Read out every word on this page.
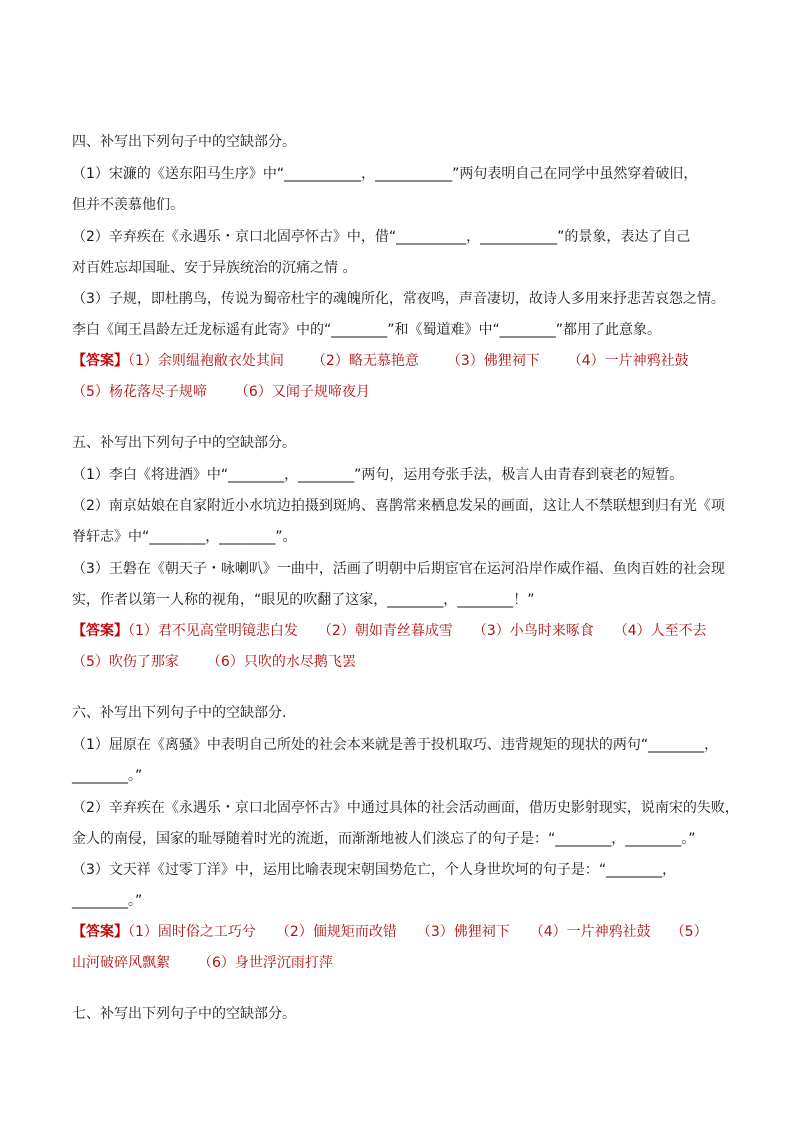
四、补写出下列句子中的空缺部分。
（1）宋濂的《送东阳马生序》中“___________，___________”两句表明自己在同学中虽然穿着破旧，
但并不羡慕他们。
（2）辛弃疾在《永遇乐・京口北固亭怀古》中，借“__________，___________”的景象，表达了自己
对百姓忘却国耻、安于异族统治的沉痛之情 。
（3）子规，即杜鹃鸟，传说为蜀帝杜宇的魂魄所化，常夜鸣，声音凄切，故诗人多用来抒悲苦哀怨之情。
李白《闻王昌龄左迁龙标遥有此寄》中的“________”和《蜀道难》中“________”都用了此意象。
【答案】（1）余则缊袍敝衣处其间 （2）略无慕艳意 （3）佛狸祠下 （4）一片神鸦社鼓
（5）杨花落尽子规啼 （6）又闻子规啼夜月
五、补写出下列句子中的空缺部分。
（1）李白《将进酒》中“________，________”两句，运用夸张手法，极言人由青春到衰老的短暂。
（2）南京姑娘在自家附近小水坑边拍摄到斑鸠、喜鹊常来栖息发呆的画面，这让人不禁联想到归有光《项
脊轩志》中“________，________”。
（3）王磐在《朝天子・咏喇叭》一曲中，活画了明朝中后期宦官在运河沿岸作威作福、鱼肉百姓的社会现
实，作者以第一人称的视角，“眼见的吹翻了这家，________，________！”
【答案】（1）君不见高堂明镜悲白发 （2）朝如青丝暮成雪 （3）小鸟时来啄食 （4）人至不去
（5）吹伤了那家 （6）只吹的水尽鹅飞罢
六、补写出下列句子中的空缺部分.
（1）屈原在《离骚》中表明自己所处的社会本来就是善于投机取巧、违背规矩的现状的两句“________，
________。”
（2）辛弃疾在《永遇乐・京口北固亭怀古》中通过具体的社会活动画面，借历史影射现实，说南宋的失败，
金人的南侵，国家的耻辱随着时光的流逝，而渐渐地被人们淡忘了的句子是：“________，________。”
（3）文天祥《过零丁洋》中，运用比喻表现宋朝国势危亡，个人身世坎坷的句子是：“________，
________。”
【答案】（1）固时俗之工巧兮 （2）偭规矩而改错 （3）佛狸祠下 （4）一片神鸦社鼓 （5）
山河破碎风飘絮 （6）身世浮沉雨打萍
七、补写出下列句子中的空缺部分。
